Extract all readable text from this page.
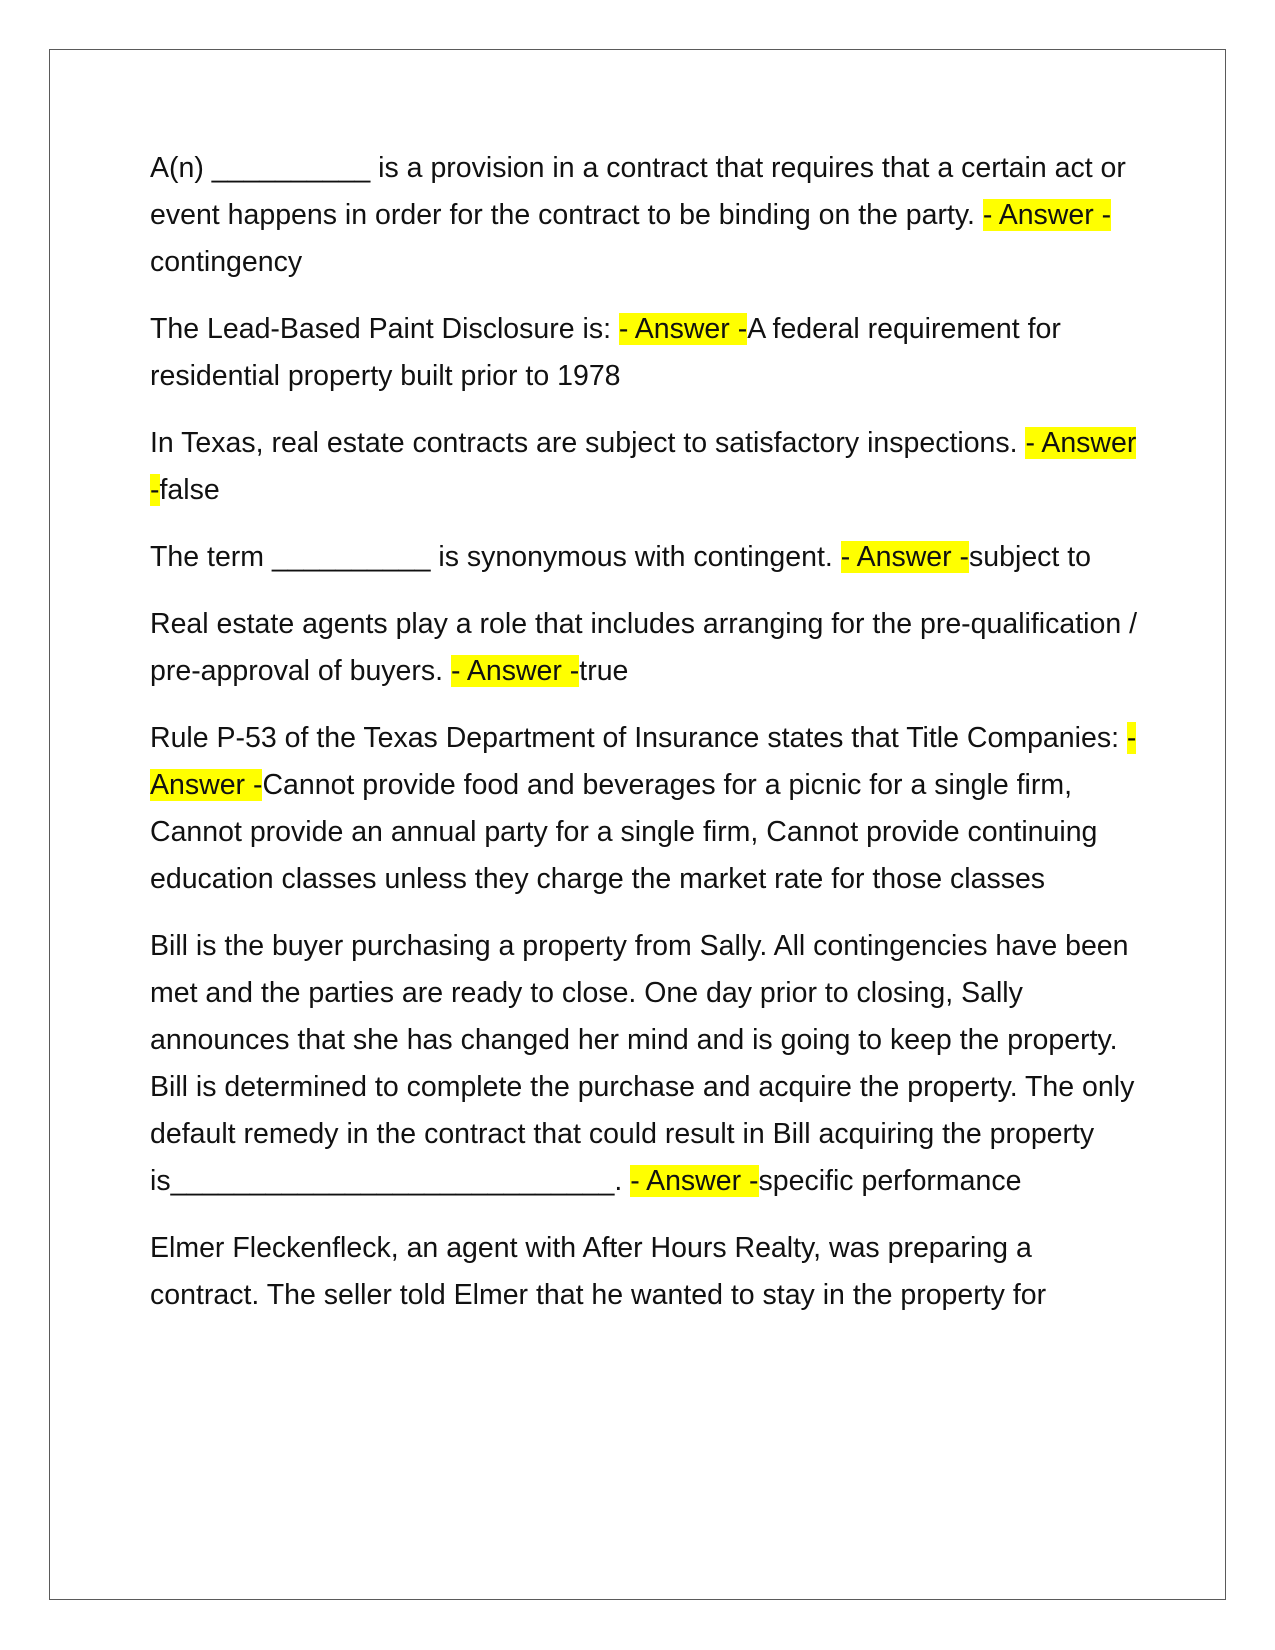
A(n) __________ is a provision in a contract that requires that a certain act or event happens in order for the contract to be binding on the party. - Answer -contingency

The Lead-Based Paint Disclosure is: - Answer -A federal requirement for residential property built prior to 1978

In Texas, real estate contracts are subject to satisfactory inspections. - Answer -false

The term __________ is synonymous with contingent. - Answer -subject to

Real estate agents play a role that includes arranging for the pre-qualification / pre-approval of buyers. - Answer -true

Rule P-53 of the Texas Department of Insurance states that Title Companies: - Answer -Cannot provide food and beverages for a picnic for a single firm, Cannot provide an annual party for a single firm, Cannot provide continuing education classes unless they charge the market rate for those classes

Bill is the buyer purchasing a property from Sally. All contingencies have been met and the parties are ready to close. One day prior to closing, Sally announces that she has changed her mind and is going to keep the property. Bill is determined to complete the purchase and acquire the property. The only default remedy in the contract that could result in Bill acquiring the property is____________________________. - Answer -specific performance

Elmer Fleckenfleck, an agent with After Hours Realty, was preparing a contract. The seller told Elmer that he wanted to stay in the property for
